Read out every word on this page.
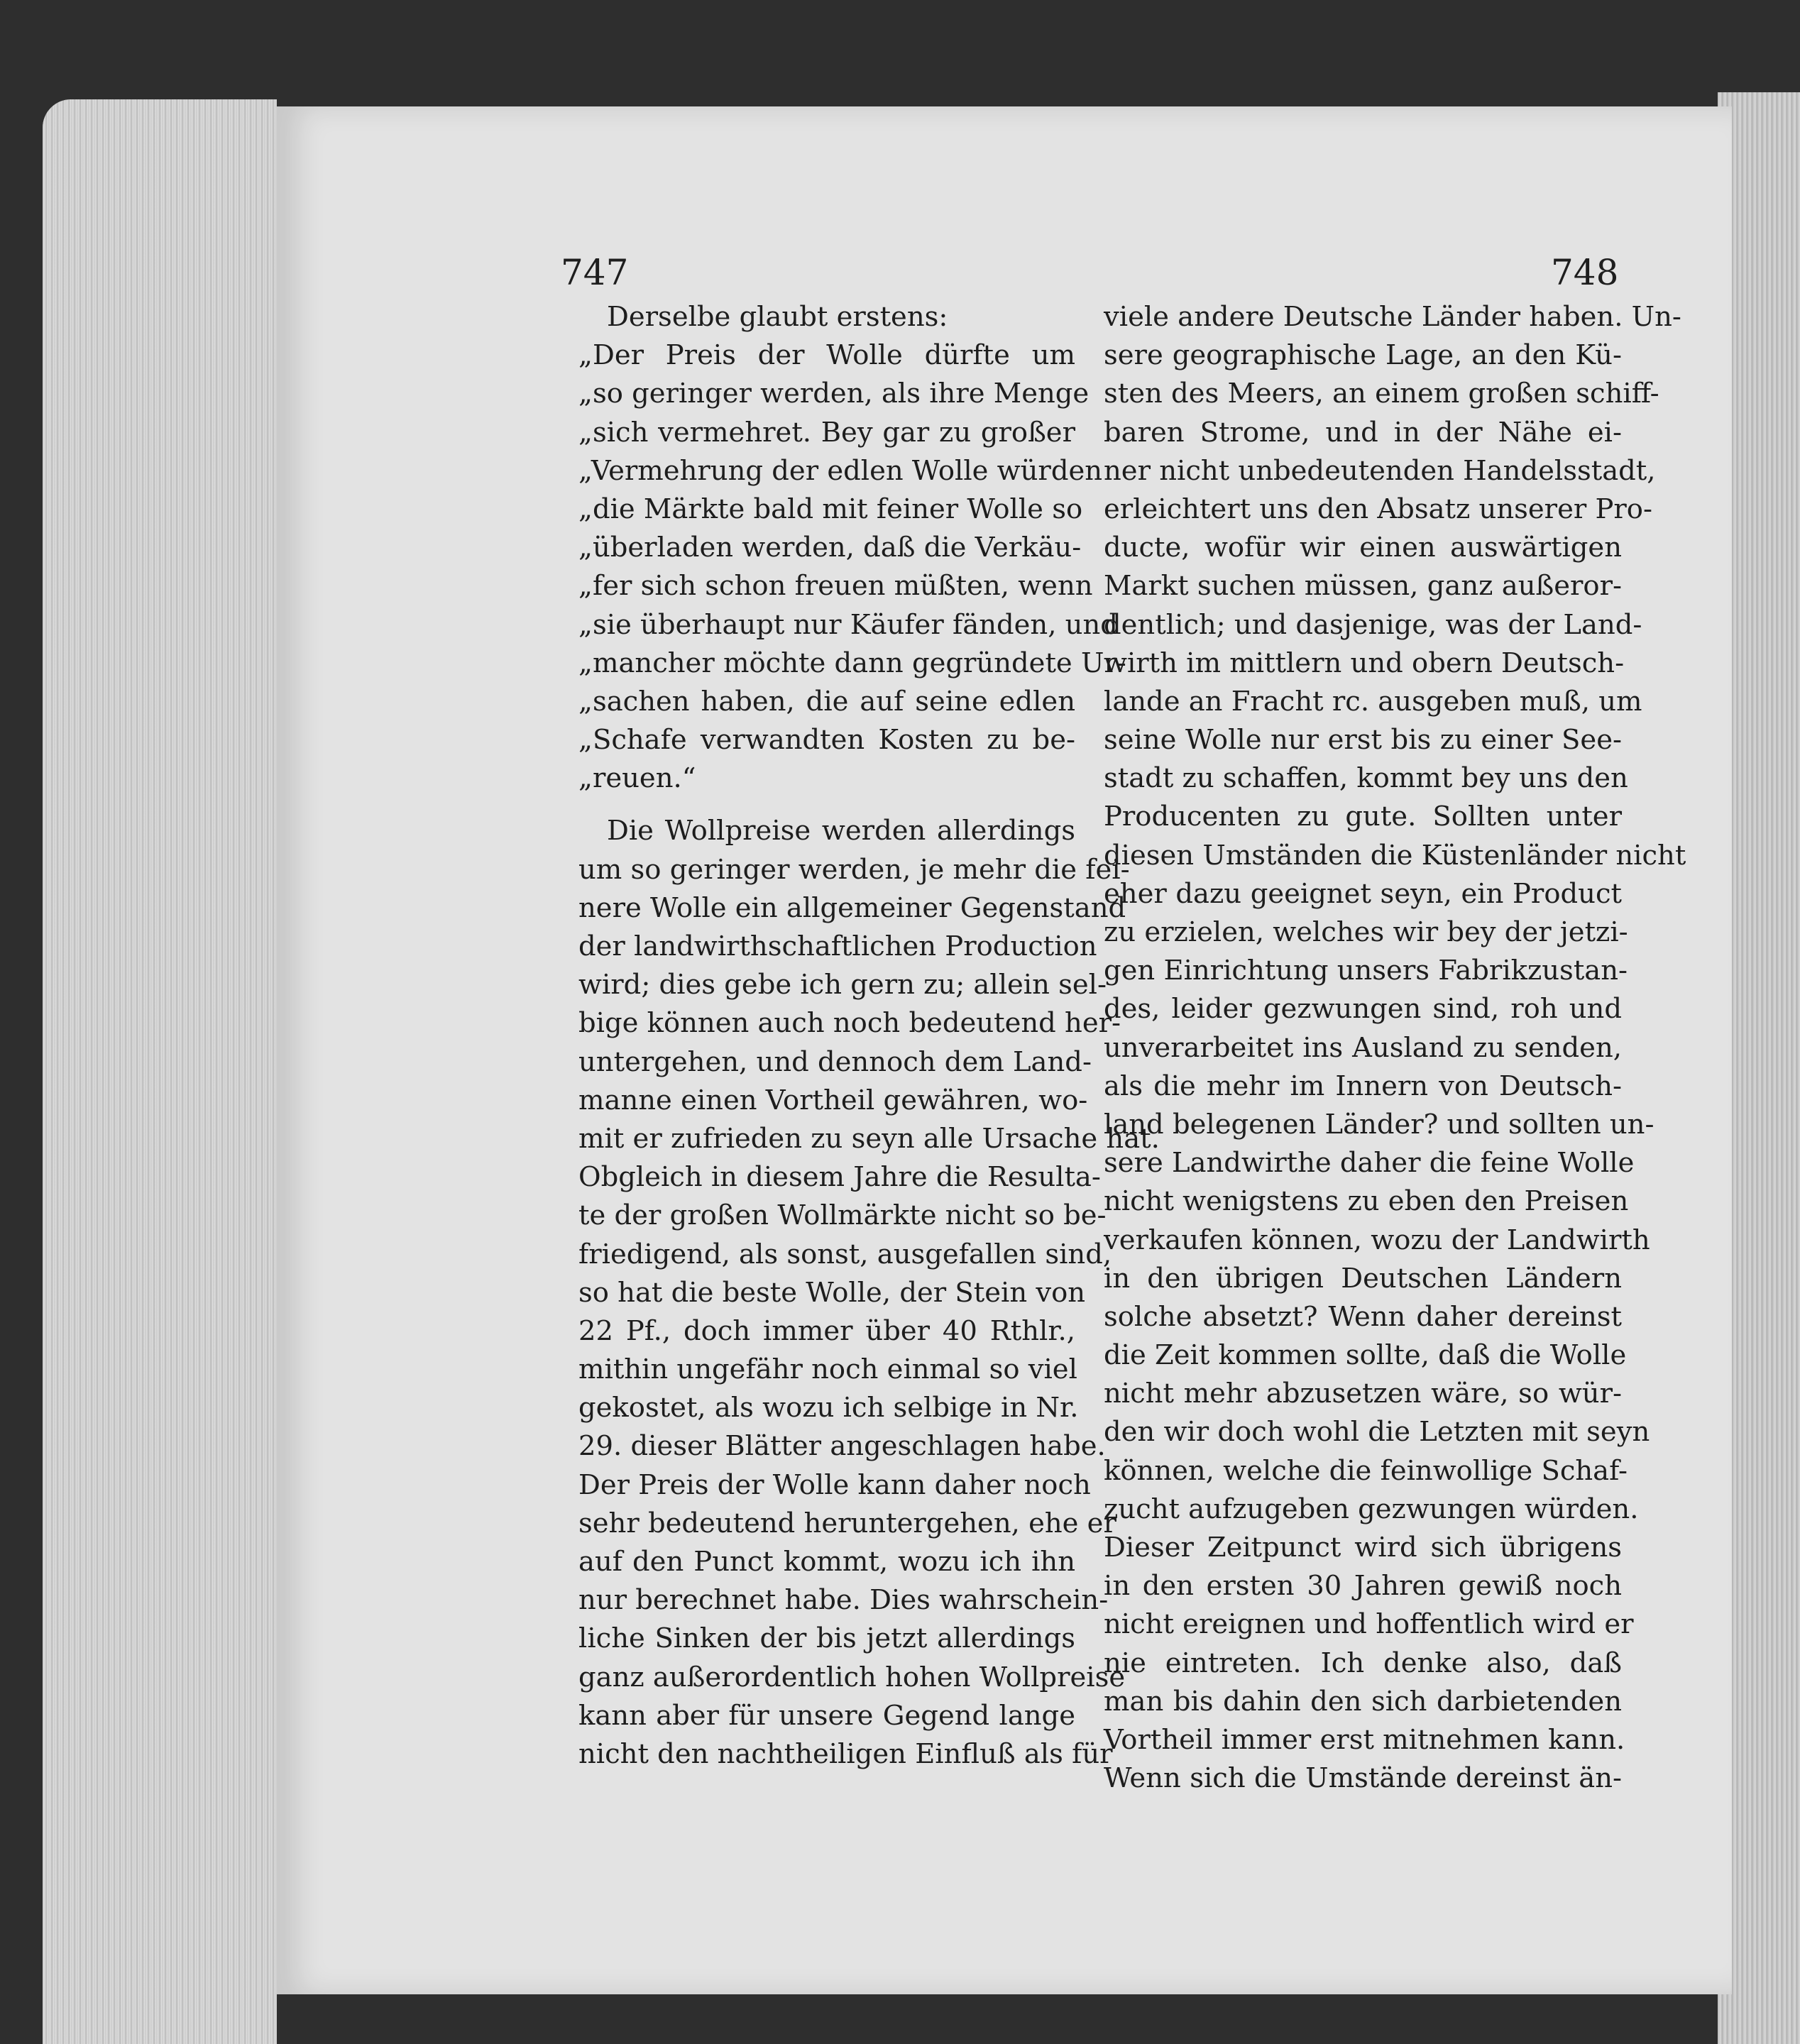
747	748
Derselbe glaubt erstens:
„Der Preis der Wolle dürfte um
„so geringer werden, als ihre Menge
„sich vermehret. Bey gar zu großer
„Vermehrung der edlen Wolle würden
„die Märkte bald mit feiner Wolle so
„überladen werden, daß die Verkäu-
„fer sich schon freuen müßten, wenn
„sie überhaupt nur Käufer fänden, und
„mancher möchte dann gegründete Ur-
„sachen haben, die auf seine edlen
„Schafe verwandten Kosten zu be-
„reuen.“
Die Wollpreise werden allerdings
um so geringer werden, je mehr die fei-
nere Wolle ein allgemeiner Gegenstand
der landwirthschaftlichen Production
wird; dies gebe ich gern zu; allein sel-
bige können auch noch bedeutend her-
untergehen, und dennoch dem Land-
manne einen Vortheil gewähren, wo-
mit er zufrieden zu seyn alle Ursache hat.
Obgleich in diesem Jahre die Resulta-
te der großen Wollmärkte nicht so be-
friedigend, als sonst, ausgefallen sind,
so hat die beste Wolle, der Stein von
22 Pf., doch immer über 40 Rthlr.,
mithin ungefähr noch einmal so viel
gekostet, als wozu ich selbige in Nr.
29. dieser Blätter angeschlagen habe.
Der Preis der Wolle kann daher noch
sehr bedeutend heruntergehen, ehe er
auf den Punct kommt, wozu ich ihn
nur berechnet habe. Dies wahrschein-
liche Sinken der bis jetzt allerdings
ganz außerordentlich hohen Wollpreise
kann aber für unsere Gegend lange
nicht den nachtheiligen Einfluß als für
viele andere Deutsche Länder haben. Un-
sere geographische Lage, an den Kü-
sten des Meers, an einem großen schiff-
baren Strome, und in der Nähe ei-
ner nicht unbedeutenden Handelsstadt,
erleichtert uns den Absatz unserer Pro-
ducte, wofür wir einen auswärtigen
Markt suchen müssen, ganz außeror-
dentlich; und dasjenige, was der Land-
wirth im mittlern und obern Deutsch-
lande an Fracht rc. ausgeben muß, um
seine Wolle nur erst bis zu einer See-
stadt zu schaffen, kommt bey uns den
Producenten zu gute. Sollten unter
diesen Umständen die Küstenländer nicht
eher dazu geeignet seyn, ein Product
zu erzielen, welches wir bey der jetzi-
gen Einrichtung unsers Fabrikzustan-
des, leider gezwungen sind, roh und
unverarbeitet ins Ausland zu senden,
als die mehr im Innern von Deutsch-
land belegenen Länder? und sollten un-
sere Landwirthe daher die feine Wolle
nicht wenigstens zu eben den Preisen
verkaufen können, wozu der Landwirth
in den übrigen Deutschen Ländern
solche absetzt? Wenn daher dereinst
die Zeit kommen sollte, daß die Wolle
nicht mehr abzusetzen wäre, so wür-
den wir doch wohl die Letzten mit seyn
können, welche die feinwollige Schaf-
zucht aufzugeben gezwungen würden.
Dieser Zeitpunct wird sich übrigens
in den ersten 30 Jahren gewiß noch
nicht ereignen und hoffentlich wird er
nie eintreten. Ich denke also, daß
man bis dahin den sich darbietenden
Vortheil immer erst mitnehmen kann.
Wenn sich die Umstände dereinst än-
